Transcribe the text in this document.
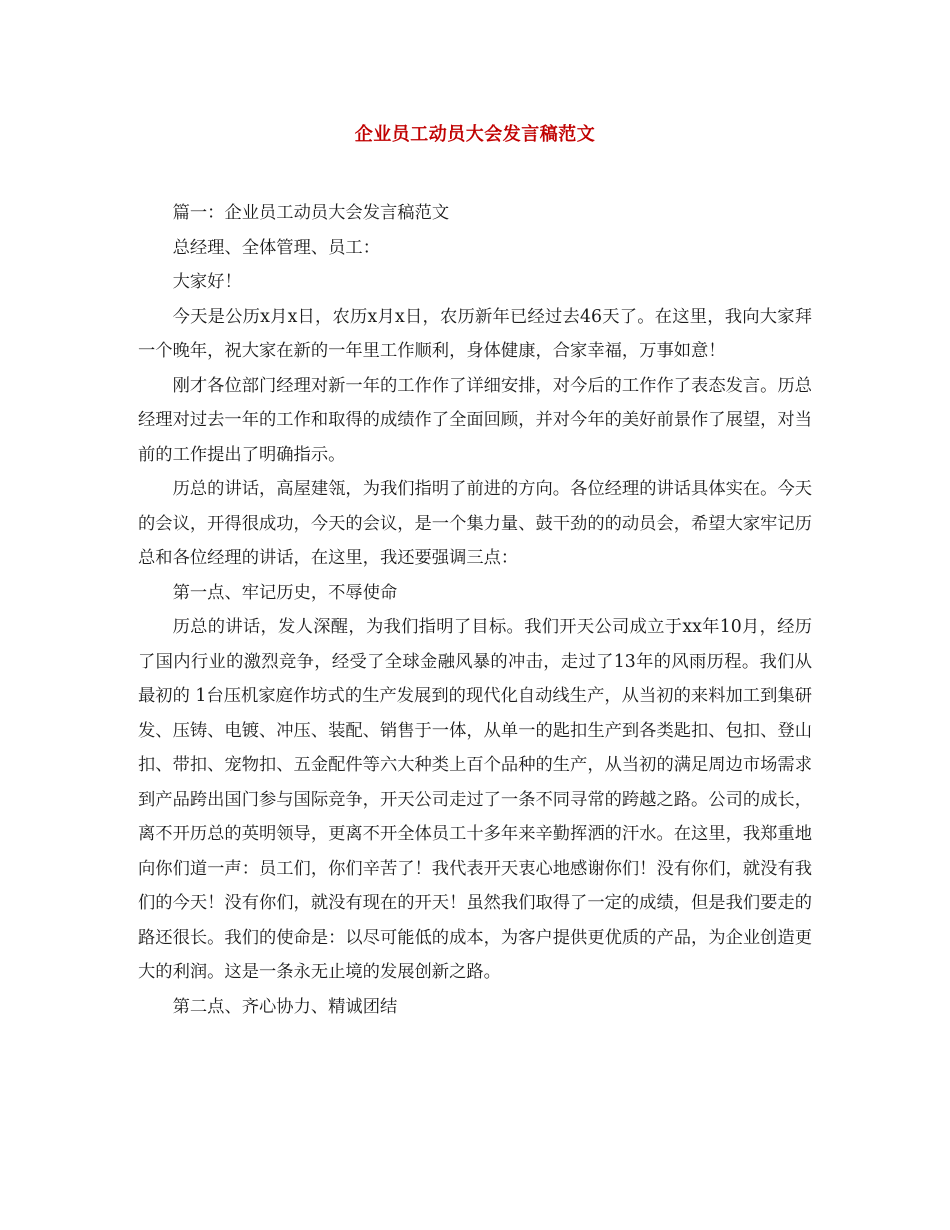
企业员工动员大会发言稿范文

篇一：企业员工动员大会发言稿范文

总经理、全体管理、员工：

大家好！

今天是公历x月x日，农历x月x日，农历新年已经过去46天了。在这里，我向大家拜一个晚年，祝大家在新的一年里工作顺利，身体健康，合家幸福，万事如意！

刚才各位部门经理对新一年的工作作了详细安排，对今后的工作作了表态发言。历总经理对过去一年的工作和取得的成绩作了全面回顾，并对今年的美好前景作了展望，对当前的工作提出了明确指示。

历总的讲话，高屋建瓴，为我们指明了前进的方向。各位经理的讲话具体实在。今天的会议，开得很成功，今天的会议，是一个集力量、鼓干劲的的动员会，希望大家牢记历总和各位经理的讲话，在这里，我还要强调三点：

第一点、牢记历史，不辱使命

历总的讲话，发人深醒，为我们指明了目标。我们开天公司成立于xx年10月，经历了国内行业的激烈竞争，经受了全球金融风暴的冲击，走过了13年的风雨历程。我们从最初的 1台压机家庭作坊式的生产发展到的现代化自动线生产，从当初的来料加工到集研发、压铸、电镀、冲压、装配、销售于一体，从单一的匙扣生产到各类匙扣、包扣、登山扣、带扣、宠物扣、五金配件等六大种类上百个品种的生产，从当初的满足周边市场需求到产品跨出国门参与国际竞争，开天公司走过了一条不同寻常的跨越之路。公司的成长，离不开历总的英明领导，更离不开全体员工十多年来辛勤挥洒的汗水。在这里，我郑重地向你们道一声：员工们，你们辛苦了！我代表开天衷心地感谢你们！没有你们，就没有我们的今天！没有你们，就没有现在的开天！虽然我们取得了一定的成绩，但是我们要走的路还很长。我们的使命是：以尽可能低的成本，为客户提供更优质的产品，为企业创造更大的利润。这是一条永无止境的发展创新之路。

第二点、齐心协力、精诚团结
